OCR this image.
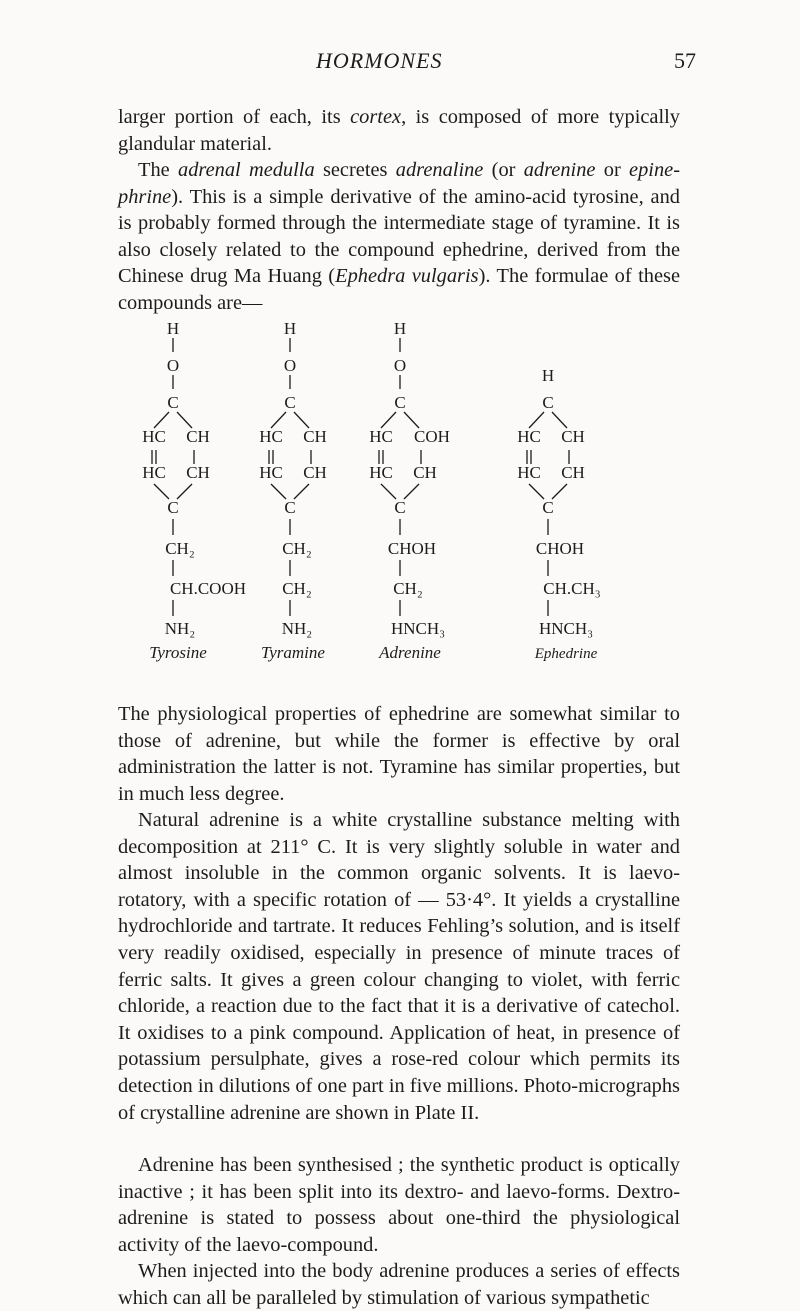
HORMONES	57

larger portion of each, its cortex, is composed of more typically glandular material.

The adrenal medulla secretes adrenaline (or adrenine or epine-phrine). This is a simple derivative of the amino-acid tyrosine, and is probably formed through the intermediate stage of tyramine. It is also closely related to the compound ephedrine, derived from the Chinese drug Ma Huang (Ephedra vulgaris). The formulae of these compounds are—

H
O
C
HC CH
HC CH
C
CH₂
CH.COOH
NH₂
Tyrosine
H
O
C
HC CH
HC CH
C
CH₂
CH₂
NH₂
Tyramine
H
O
C
HC COH
HC CH
C
CHOH
CH₂
HNCH₃
Adrenine
H
C
HC CH
HC CH
C
CHOH
CH.CH₃
HNCH₃
Ephedrine

The physiological properties of ephedrine are somewhat similar to those of adrenine, but while the former is effective by oral administration the latter is not. Tyramine has similar properties, but in much less degree.

Natural adrenine is a white crystalline substance melting with decomposition at 211° C. It is very slightly soluble in water and almost insoluble in the common organic solvents. It is laevo-rotatory, with a specific rotation of — 53·4°. It yields a crystalline hydrochloride and tartrate. It reduces Fehling’s solution, and is itself very readily oxidised, especially in presence of minute traces of ferric salts. It gives a green colour changing to violet, with ferric chloride, a reaction due to the fact that it is a derivative of catechol. It oxidises to a pink compound. Application of heat, in presence of potassium persulphate, gives a rose-red colour which permits its detection in dilutions of one part in five millions. Photo-micrographs of crystalline adrenine are shown in Plate II.

Adrenine has been synthesised ; the synthetic product is optically inactive ; it has been split into its dextro- and laevo-forms. Dextro-adrenine is stated to possess about one-third the physiological activity of the laevo-compound.

When injected into the body adrenine produces a series of effects which can all be paralleled by stimulation of various sympathetic
